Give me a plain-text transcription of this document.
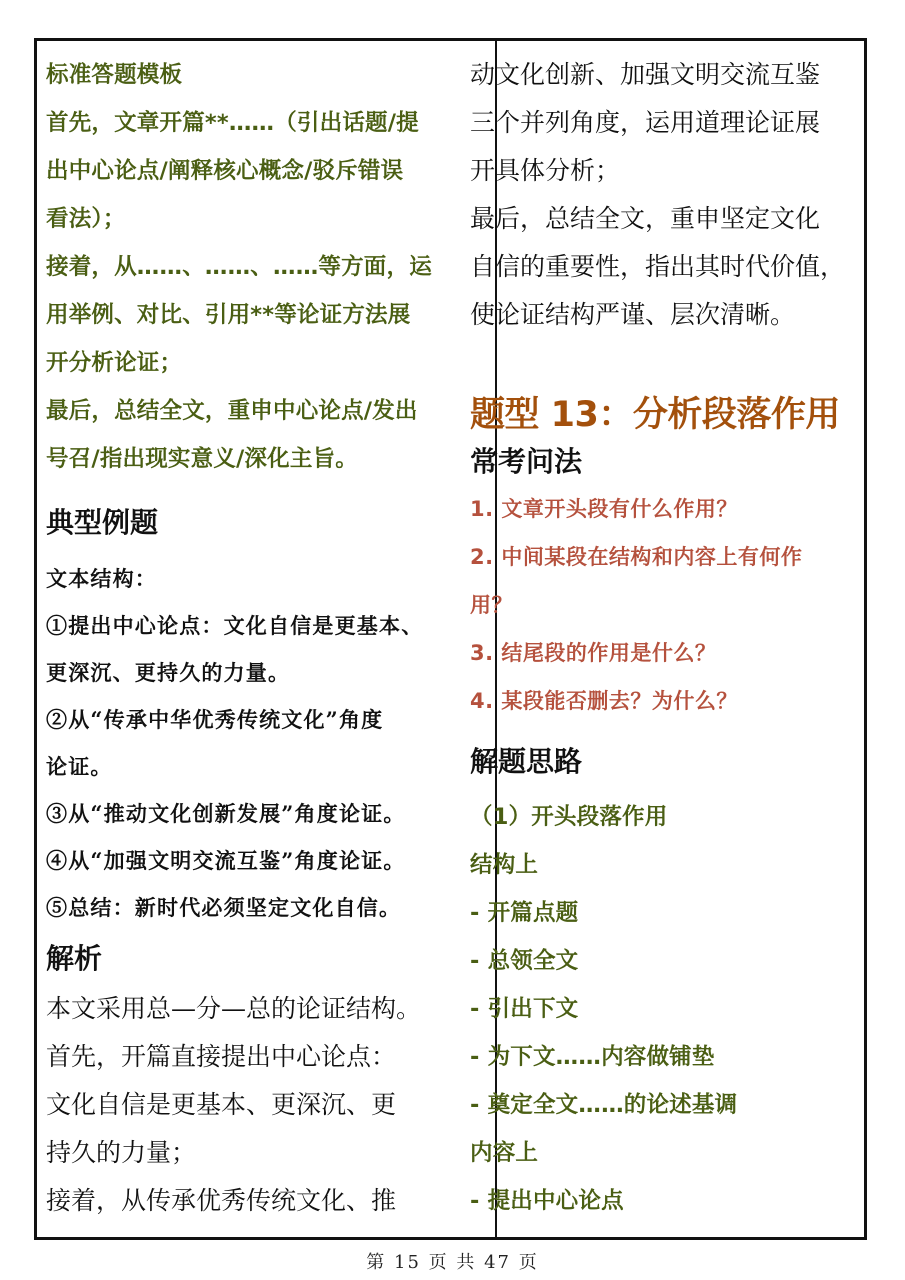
标准答题模板
首先，文章开篇**……（引出话题/提
出中心论点/阐释核心概念/驳斥错误
看法）；
接着，从……、……、……等方面，运
用举例、对比、引用**等论证方法展
开分析论证；
最后，总结全文，重申中心论点/发出
号召/指出现实意义/深化主旨。
典型例题
文本结构：
①提出中心论点：文化自信是更基本、
更深沉、更持久的力量。
②从“传承中华优秀传统文化”角度
论证。
③从“推动文化创新发展”角度论证。
④从“加强文明交流互鉴”角度论证。
⑤总结：新时代必须坚定文化自信。
解析
本文采用总—分—总的论证结构。
首先，开篇直接提出中心论点：
文化自信是更基本、更深沉、更
持久的力量；
接着，从传承优秀传统文化、推
动文化创新、加强文明交流互鉴
三个并列角度，运用道理论证展
开具体分析；
最后，总结全文，重申坚定文化
自信的重要性，指出其时代价值，
使论证结构严谨、层次清晰。
题型 13：分析段落作用
常考问法
1. 文章开头段有什么作用？
2. 中间某段在结构和内容上有何作
用？
3. 结尾段的作用是什么？
4. 某段能否删去？为什么？
解题思路
（1）开头段落作用
结构上
- 开篇点题
- 总领全文
- 引出下文
- 为下文……内容做铺垫
- 奠定全文……的论述基调
内容上
- 提出中心论点
第 15 页 共 47 页
